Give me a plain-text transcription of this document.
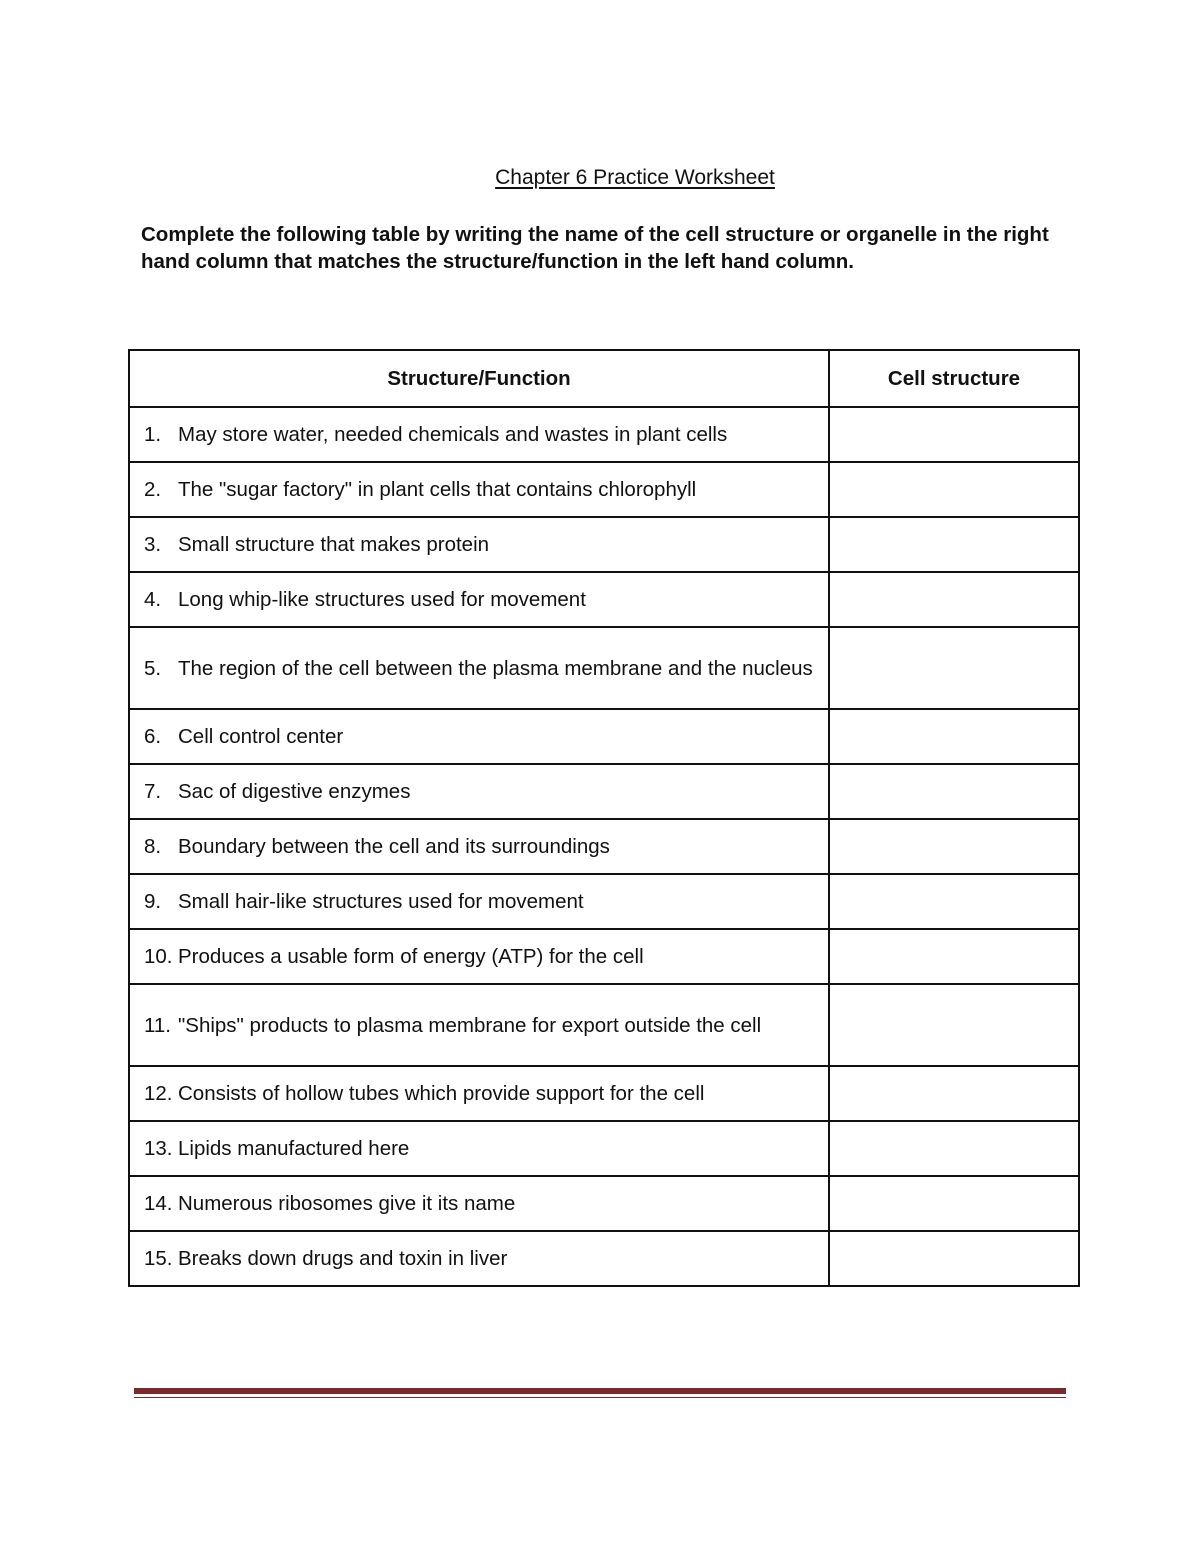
Chapter 6 Practice Worksheet
Complete the following table by writing the name of the cell structure or organelle in the right hand column that matches the structure/function in the left hand column.
Structure/Function	Cell structure

1. May store water, needed chemicals and wastes in plant cells	

2. The "sugar factory" in plant cells that contains chlorophyll	

3. Small structure that makes protein	

4. Long whip-like structures used for movement	

5. The region of the cell between the plasma membrane and the nucleus	

6. Cell control center	

7. Sac of digestive enzymes	

8. Boundary between the cell and its surroundings	

9. Small hair-like structures used for movement	

10. Produces a usable form of energy (ATP) for the cell	

11. "Ships" products to plasma membrane for export outside the cell	

12. Consists of hollow tubes which provide support for the cell	

13. Lipids manufactured here	

14. Numerous ribosomes give it its name	

15. Breaks down drugs and toxin in liver	
